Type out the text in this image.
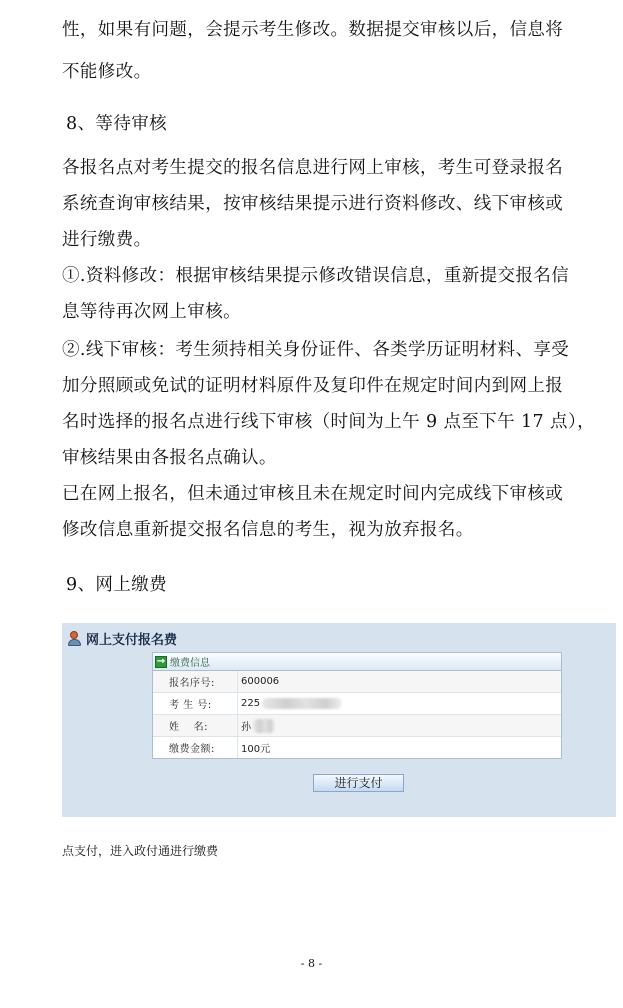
性，如果有问题，会提示考生修改。数据提交审核以后，信息将
不能修改。
8、等待审核
各报名点对考生提交的报名信息进行网上审核，考生可登录报名
系统查询审核结果，按审核结果提示进行资料修改、线下审核或
进行缴费。
①.资料修改：根据审核结果提示修改错误信息，重新提交报名信
息等待再次网上审核。
②.线下审核：考生须持相关身份证件、各类学历证明材料、享受
加分照顾或免试的证明材料原件及复印件在规定时间内到网上报
名时选择的报名点进行线下审核（时间为上午 9 点至下午 17 点），
审核结果由各报名点确认。
已在网上报名，但未通过审核且未在规定时间内完成线下审核或
修改信息重新提交报名信息的考生，视为放弃报名。
9、网上缴费
网上支付报名费
→ 缴费信息
报名序号:	600006
考 生 号:	225
姓　 名:	孙
缴费金额:	100元
进行支付
点支付，进入政付通进行缴费
- 8 -
